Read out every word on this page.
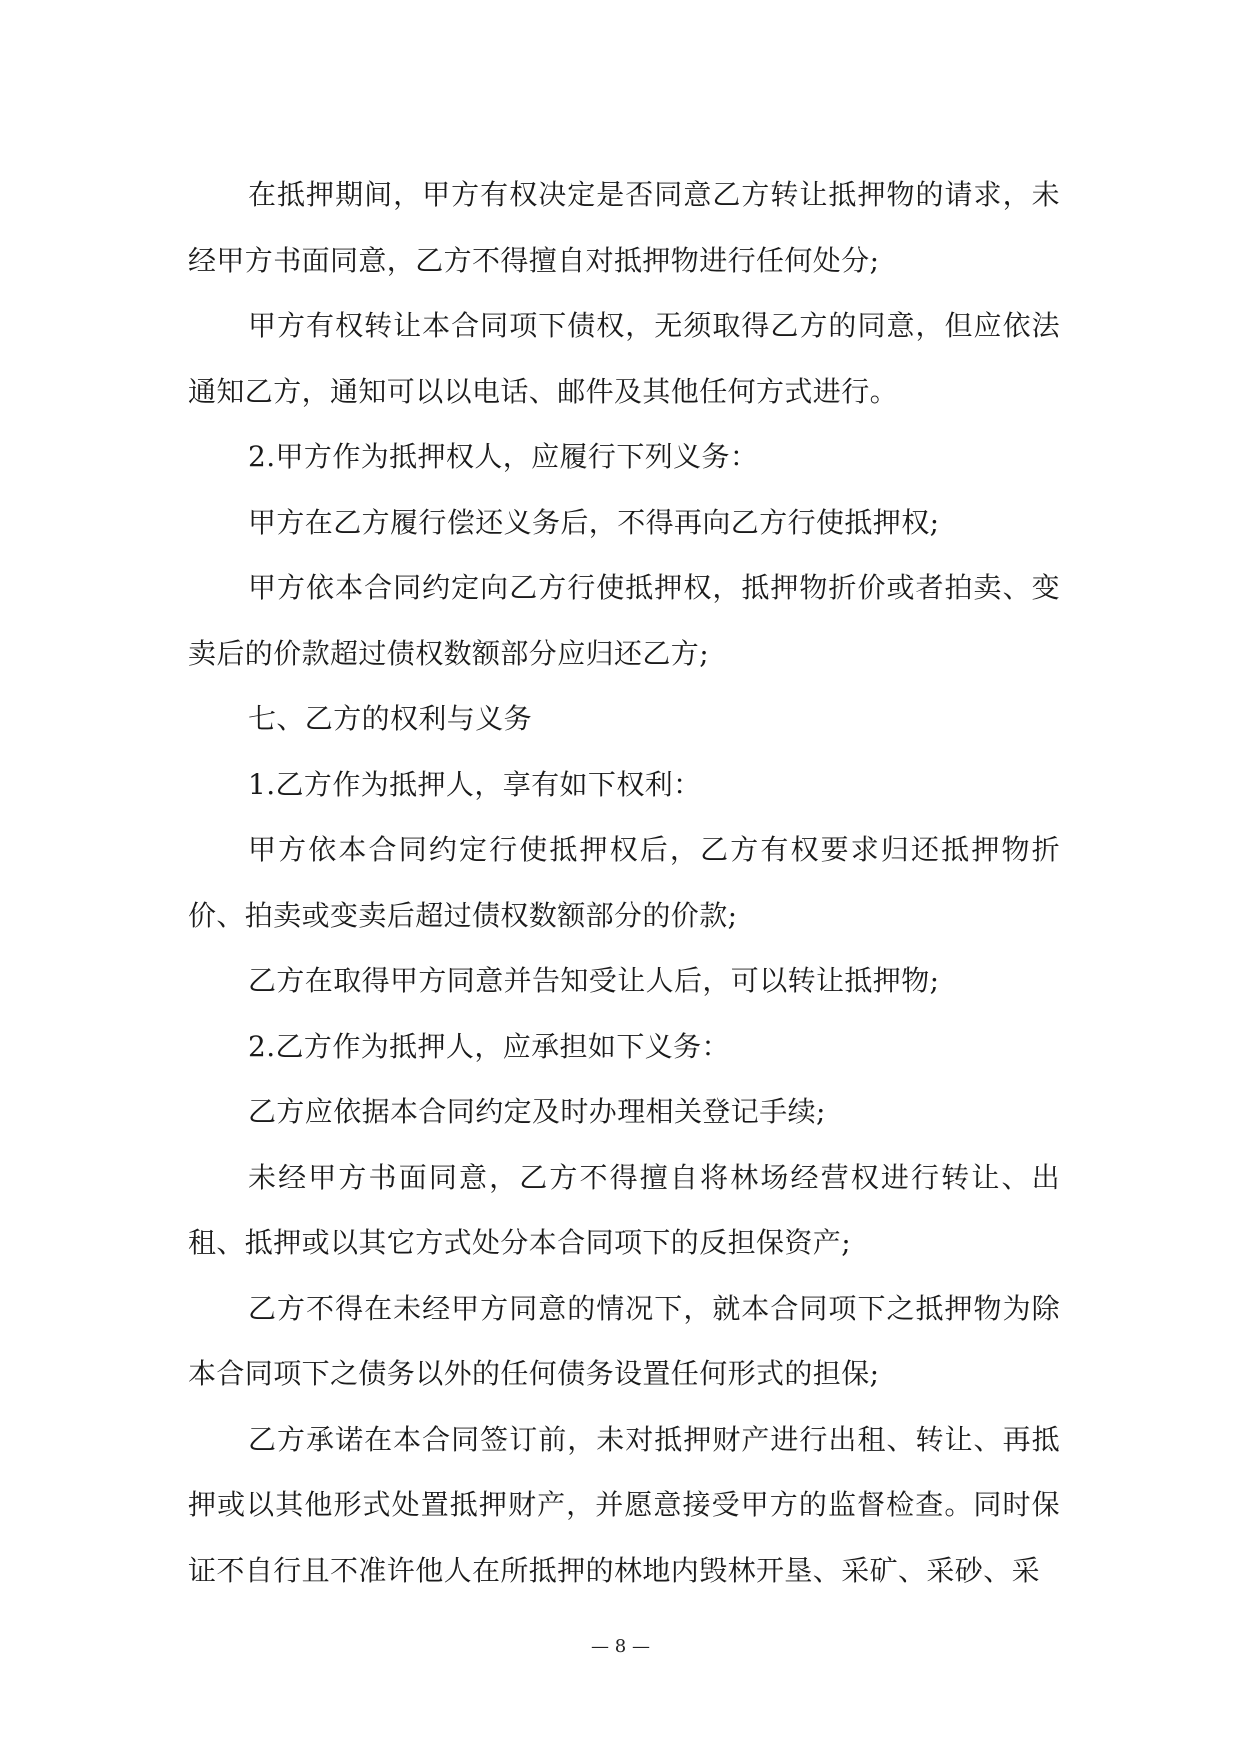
在抵押期间，甲方有权决定是否同意乙方转让抵押物的请求，未经甲方书面同意，乙方不得擅自对抵押物进行任何处分;

甲方有权转让本合同项下债权，无须取得乙方的同意，但应依法通知乙方，通知可以以电话、邮件及其他任何方式进行。

2.甲方作为抵押权人，应履行下列义务：

甲方在乙方履行偿还义务后，不得再向乙方行使抵押权;

甲方依本合同约定向乙方行使抵押权，抵押物折价或者拍卖、变卖后的价款超过债权数额部分应归还乙方;

七、乙方的权利与义务

1.乙方作为抵押人，享有如下权利：

甲方依本合同约定行使抵押权后，乙方有权要求归还抵押物折价、拍卖或变卖后超过债权数额部分的价款;

乙方在取得甲方同意并告知受让人后，可以转让抵押物;

2.乙方作为抵押人，应承担如下义务：

乙方应依据本合同约定及时办理相关登记手续;

未经甲方书面同意，乙方不得擅自将林场经营权进行转让、出租、抵押或以其它方式处分本合同项下的反担保资产;

乙方不得在未经甲方同意的情况下，就本合同项下之抵押物为除本合同项下之债务以外的任何债务设置任何形式的担保;

乙方承诺在本合同签订前，未对抵押财产进行出租、转让、再抵押或以其他形式处置抵押财产，并愿意接受甲方的监督检查。同时保证不自行且不准许他人在所抵押的林地内毁林开垦、采矿、采砂、采

— 8 —
